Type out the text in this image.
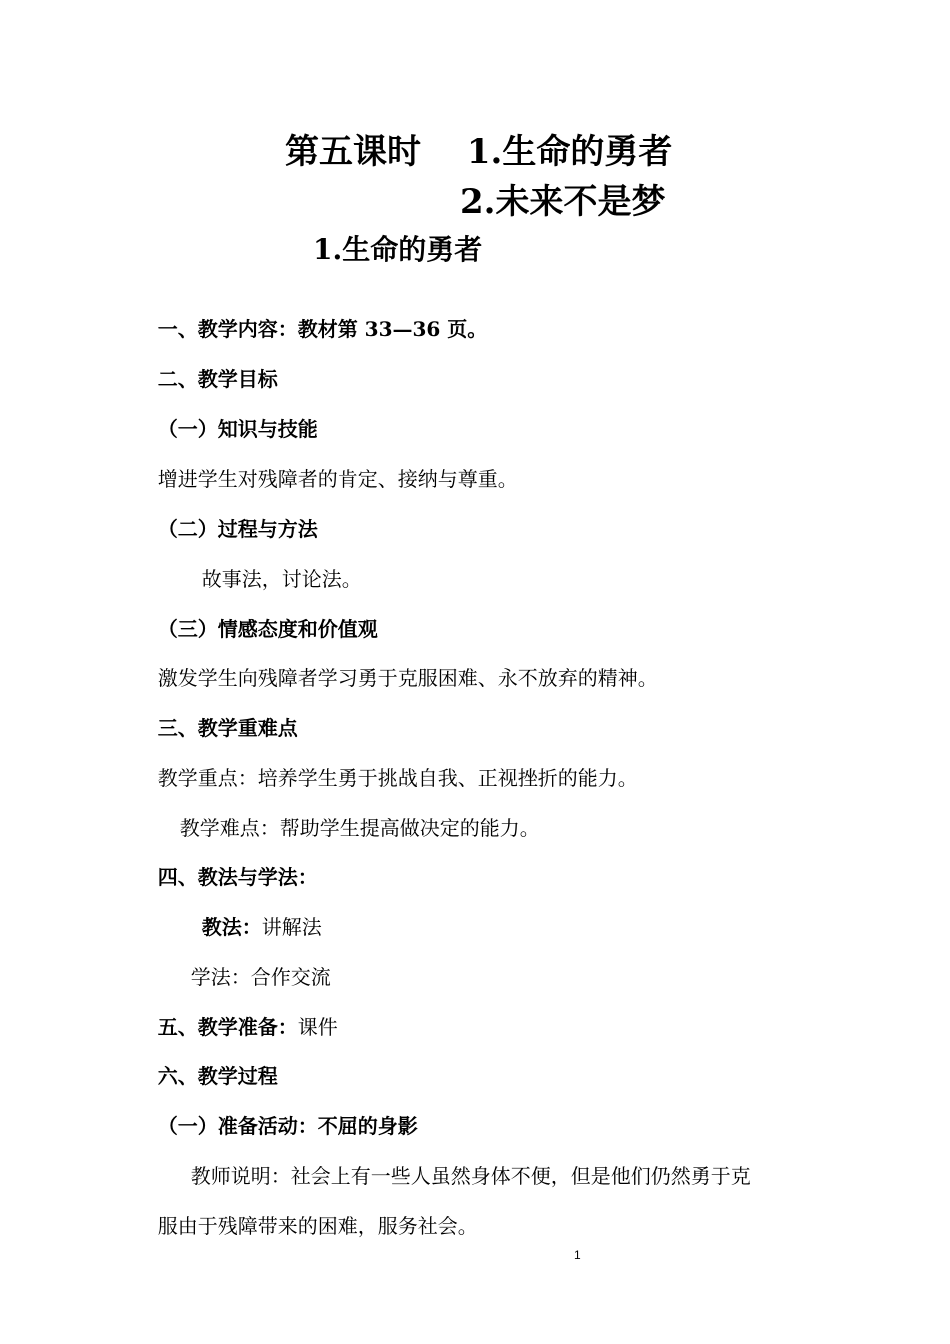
第五课时　 1.生命的勇者
2.未来不是梦
1.生命的勇者

一、教学内容：教材第 33—36 页。

二、教学目标

（一）知识与技能

增进学生对残障者的肯定、接纳与尊重。

（二）过程与方法

故事法，讨论法。

（三）情感态度和价值观

激发学生向残障者学习勇于克服困难、永不放弃的精神。

三、教学重难点

教学重点：培养学生勇于挑战自我、正视挫折的能力。

教学难点：帮助学生提高做决定的能力。

四、教法与学法：

教法：讲解法

学法：合作交流

五、教学准备：课件

六、教学过程

（一）准备活动：不屈的身影

教师说明：社会上有一些人虽然身体不便，但是他们仍然勇于克

服由于残障带来的困难，服务社会。

1
